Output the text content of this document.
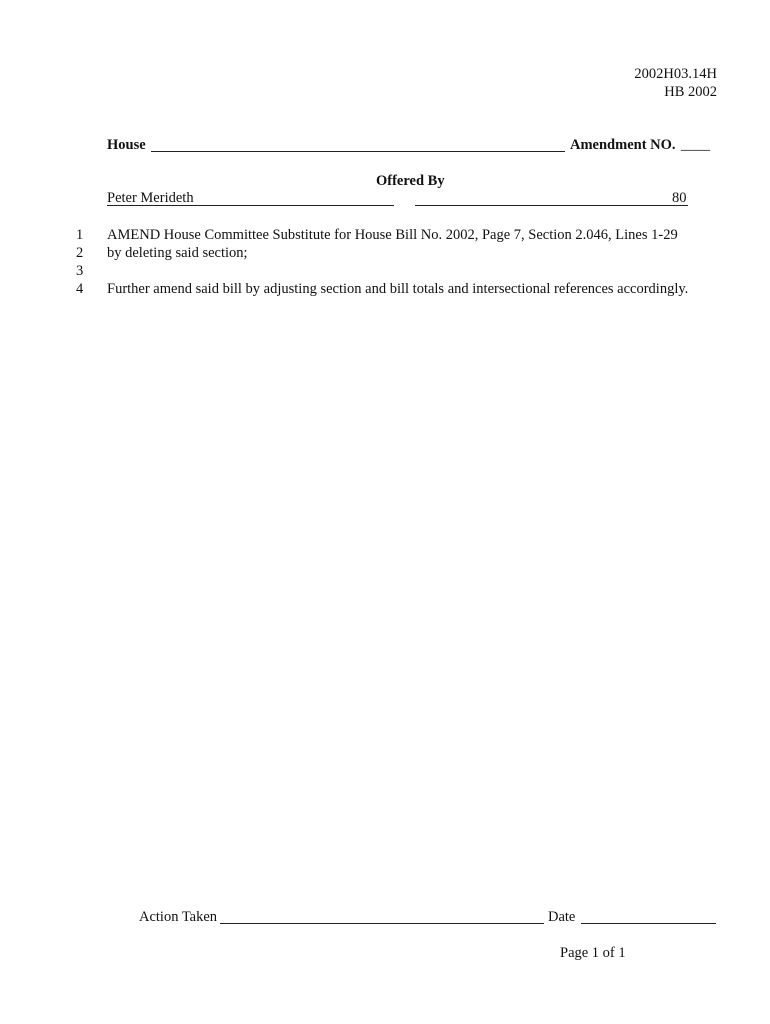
2002H03.14H
HB 2002
House	Amendment NO. ____
Offered By
Peter Merideth	80
1 AMEND House Committee Substitute for House Bill No. 2002, Page 7, Section 2.046, Lines 1-29
2 by deleting said section;
3
4 Further amend said bill by adjusting section and bill totals and intersectional references accordingly.
Action Taken	Date
Page 1 of 1
